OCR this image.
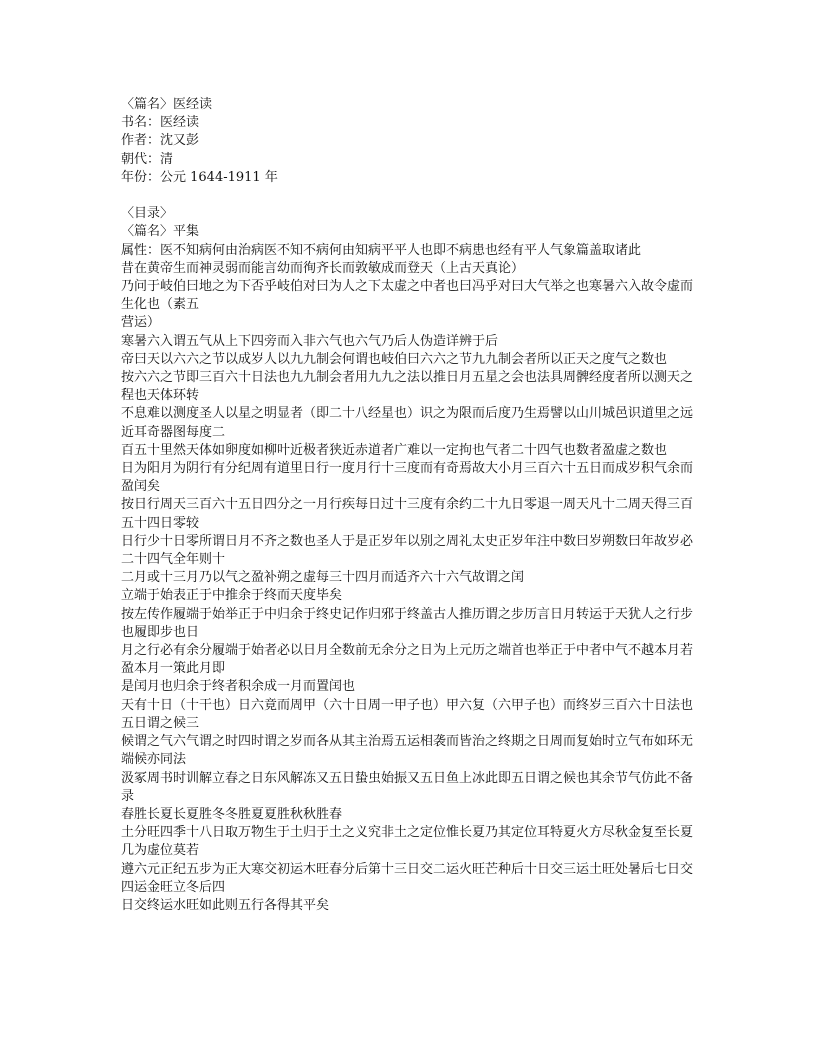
〈篇名〉医经读

书名：医经读

作者：沈又彭

朝代：清

年份：公元 1644-1911 年

〈目录〉

〈篇名〉平集

属性：医不知病何由治病医不知不病何由知病平平人也即不病患也经有平人气象篇盖取诸此

昔在黄帝生而神灵弱而能言幼而徇齐长而敦敏成而登天（上古天真论）

乃问于岐伯曰地之为下否乎岐伯对曰为人之下太虚之中者也曰冯乎对曰大气举之也寒暑六入故令虚而生化也（素五

营运）

寒暑六入谓五气从上下四旁而入非六气也六气乃后人伪造详辨于后

帝曰天以六六之节以成岁人以九九制会何谓也岐伯曰六六之节九九制会者所以正天之度气之数也

按六六之节即三百六十日法也九九制会者用九九之法以推日月五星之会也法具周髀经度者所以测天之程也天体环转

不息难以测度圣人以星之明显者（即二十八经星也）识之为限而后度乃生焉譬以山川城邑识道里之远近耳奇器图每度二

百五十里然天体如卵度如柳叶近极者狭近赤道者广难以一定拘也气者二十四气也数者盈虚之数也

日为阳月为阴行有分纪周有道里日行一度月行十三度而有奇焉故大小月三百六十五日而成岁积气余而盈闰矣

按日行周天三百六十五日四分之一月行疾每日过十三度有余约二十九日零退一周天凡十二周天得三百五十四日零较

日行少十日零所谓日月不齐之数也圣人于是正岁年以别之周礼太史正岁年注中数曰岁朔数曰年故岁必二十四气全年则十

二月或十三月乃以气之盈补朔之虚每三十四月而适齐六十六气故谓之闰

立端于始表正于中推余于终而天度毕矣

按左传作履端于始举正于中归余于终史记作归邪于终盖古人推历谓之步历言日月转运于天犹人之行步也履即步也日

月之行必有余分履端于始者必以日月全数前无余分之日为上元历之端首也举正于中者中气不越本月若盈本月一策此月即

是闰月也归余于终者积余成一月而置闰也

天有十日（十干也）日六竟而周甲（六十日周一甲子也）甲六复（六甲子也）而终岁三百六十日法也五日谓之候三

候谓之气六气谓之时四时谓之岁而各从其主治焉五运相袭而皆治之终期之日周而复始时立气布如环无端候亦同法

汲冢周书时训解立春之日东风解冻又五日蛰虫始振又五日鱼上冰此即五日谓之候也其余节气仿此不备录

春胜长夏长夏胜冬冬胜夏夏胜秋秋胜春

土分旺四季十八日取万物生于土归于土之义究非土之定位惟长夏乃其定位耳特夏火方尽秋金复至长夏几为虚位莫若

遵六元正纪五步为正大寒交初运木旺春分后第十三日交二运火旺芒种后十日交三运土旺处暑后七日交四运金旺立冬后四

日交终运水旺如此则五行各得其平矣
